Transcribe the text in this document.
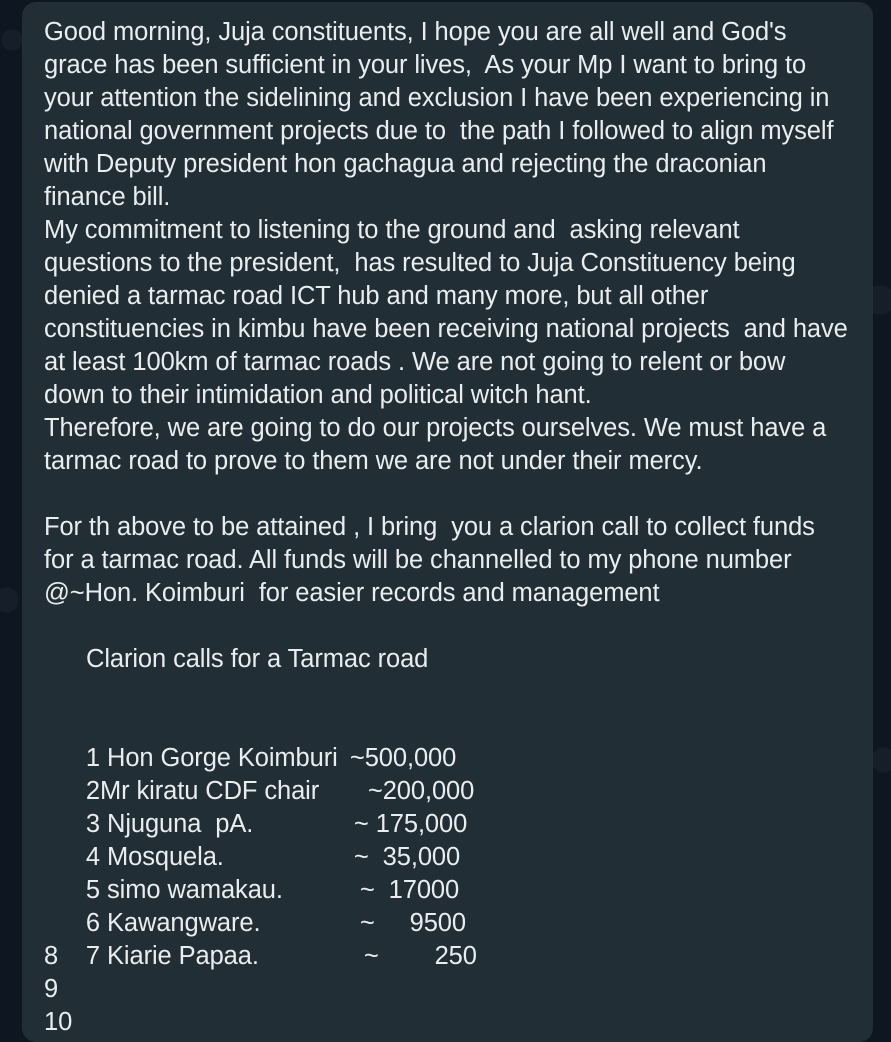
Good morning, Juja constituents, I hope you are all well and God's grace has been sufficient in your lives,  As your Mp I want to bring to your attention the sidelining and exclusion I have been experiencing in national government projects due to  the path I followed to align myself with Deputy president hon gachagua and rejecting the draconian finance bill.

My commitment to listening to the ground and  asking relevant questions to the president,  has resulted to Juja Constituency being denied a tarmac road ICT hub and many more, but all other constituencies in kimbu have been receiving national projects  and have at least 100km of tarmac roads . We are not going to relent or bow down to their intimidation and political witch hant.

Therefore, we are going to do our projects ourselves. We must have a tarmac road to prove to them we are not under their mercy.

For th above to be attained , I bring  you a clarion call to collect funds for a tarmac road. All funds will be channelled to my phone number @~Hon. Koimburi  for easier records and management

Clarion calls for a Tarmac road

1 Hon Gorge Koimburi ~500,000

2Mr kiratu CDF chair ~200,000

3 Njuguna  pA.	~ 175,000

4 Mosquela.	~  35,000

5 simo wamakau.	~  17000

6 Kawangware.	~     9500

7 Kiarie Papaa.	~        250

8
9
10
